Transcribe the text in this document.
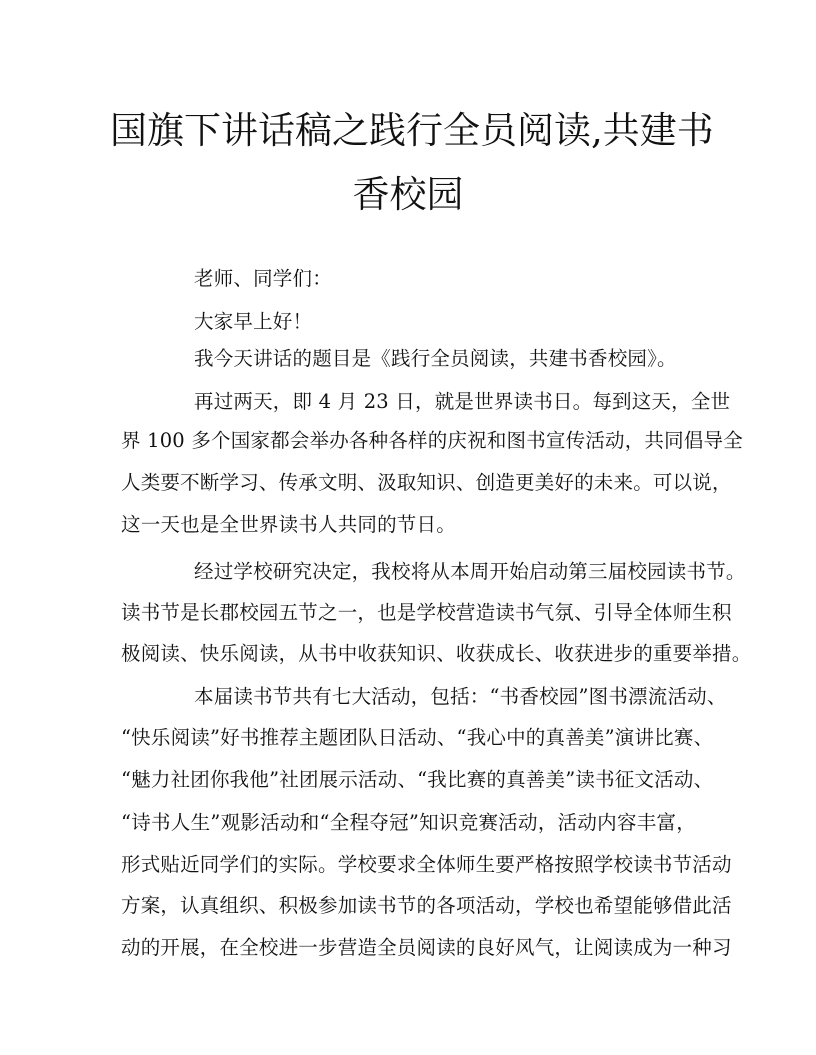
国旗下讲话稿之践行全员阅读,共建书
香校园
老师、同学们：
大家早上好！
我今天讲话的题目是《践行全员阅读，共建书香校园》。
再过两天，即 4 月 23 日，就是世界读书日。每到这天，全世
界 100 多个国家都会举办各种各样的庆祝和图书宣传活动，共同倡导全
人类要不断学习、传承文明、汲取知识、创造更美好的未来。可以说，
这一天也是全世界读书人共同的节日。
经过学校研究决定，我校将从本周开始启动第三届校园读书节。
读书节是长郡校园五节之一，也是学校营造读书气氛、引导全体师生积
极阅读、快乐阅读，从书中收获知识、收获成长、收获进步的重要举措。
本届读书节共有七大活动，包括：“书香校园”图书漂流活动、
“快乐阅读”好书推荐主题团队日活动、“我心中的真善美”演讲比赛、
“魅力社团你我他”社团展示活动、“我比赛的真善美”读书征文活动、
“诗书人生”观影活动和“全程夺冠”知识竞赛活动，活动内容丰富，
形式贴近同学们的实际。学校要求全体师生要严格按照学校读书节活动
方案，认真组织、积极参加读书节的各项活动，学校也希望能够借此活
动的开展，在全校进一步营造全员阅读的良好风气，让阅读成为一种习
